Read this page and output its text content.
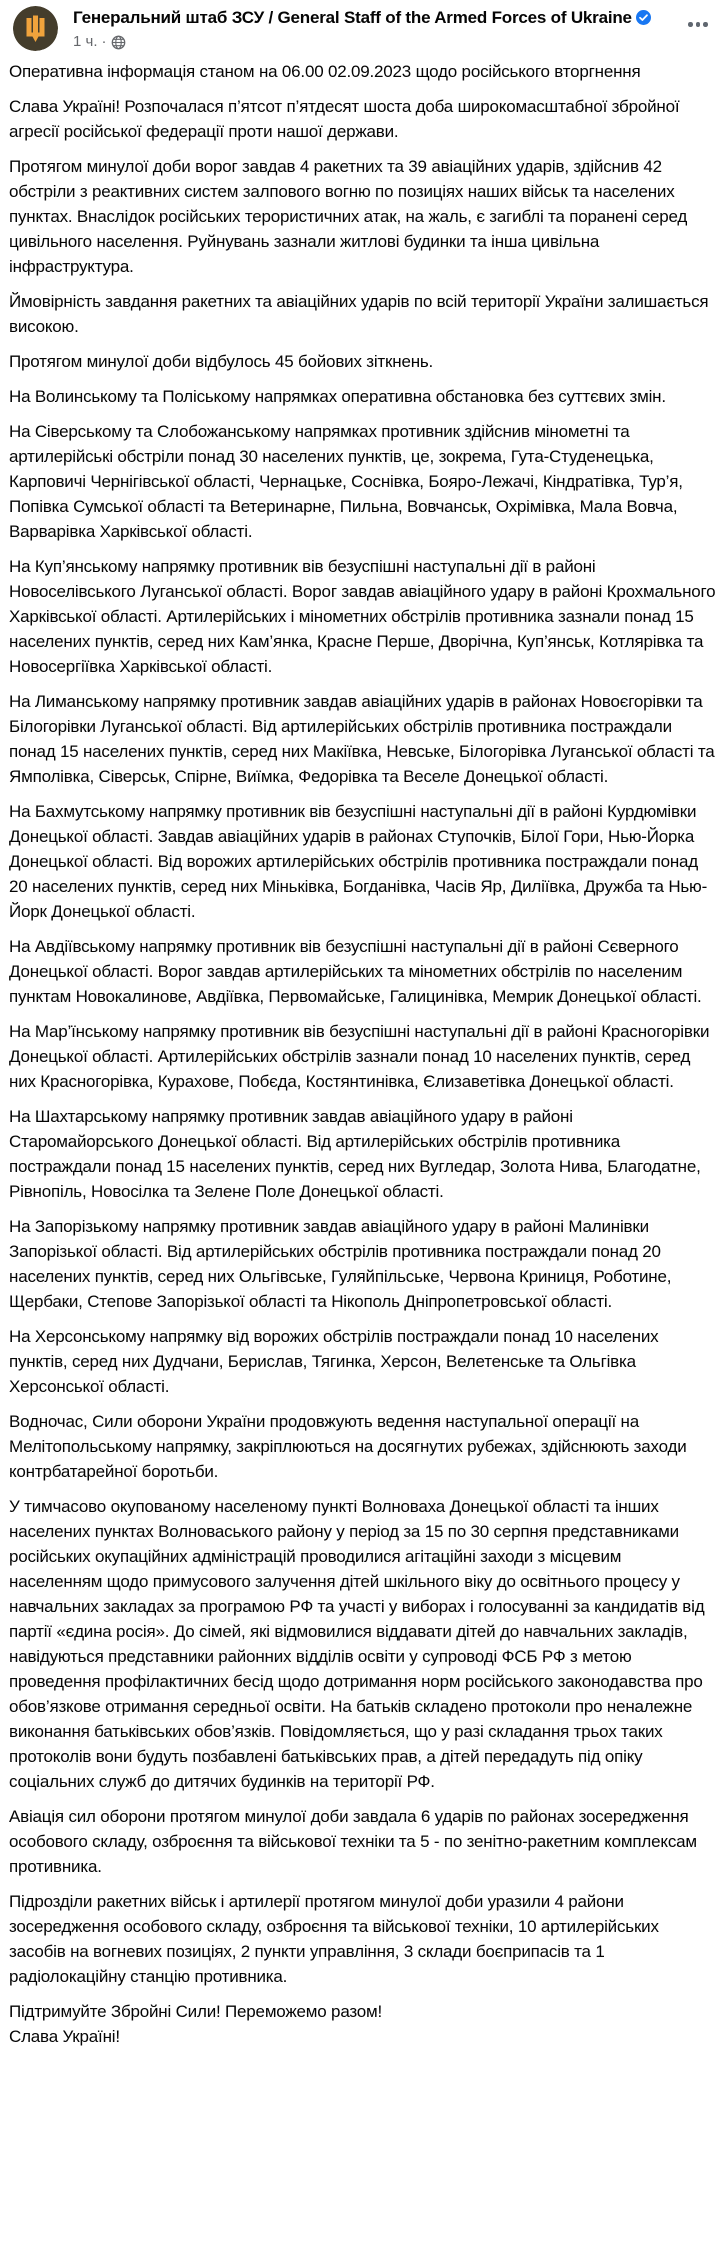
Генеральний штаб ЗСУ / General Staff of the Armed Forces of Ukraine
1 ч. ·

Оперативна інформація станом на 06.00 02.09.2023 щодо російського вторгнення

Слава Україні! Розпочалася п’ятсот п’ятдесят шоста доба широкомасштабної збройної агресії російської федерації проти нашої держави.

Протягом минулої доби ворог завдав 4 ракетних та 39 авіаційних ударів, здійснив 42 обстріли з реактивних систем залпового вогню по позиціях наших військ та населених пунктах. Внаслідок російських терористичних атак, на жаль, є загиблі та поранені серед цивільного населення. Руйнувань зазнали житлові будинки та інша цивільна інфраструктура.

Ймовірність завдання ракетних та авіаційних ударів по всій території України залишається високою.

Протягом минулої доби відбулось 45 бойових зіткнень.

На Волинському та Поліському напрямках оперативна обстановка без суттєвих змін.

На Сіверському та Слобожанському напрямках противник здійснив мінометні та артилерійські обстріли понад 30 населених пунктів, це, зокрема, Гута-Студенецька, Карповичі Чернігівської області, Чернацьке, Соснівка, Бояро-Лежачі, Кіндратівка, Тур’я, Попівка Сумської області та Ветеринарне, Пильна, Вовчанськ, Охрімівка, Мала Вовча, Варварівка Харківської області.

На Куп’янському напрямку противник вів безуспішні наступальні дії в районі Новоселівського Луганської області. Ворог завдав авіаційного удару в районі Крохмального Харківської області. Артилерійських і мінометних обстрілів противника зазнали понад 15 населених пунктів, серед них Кам’янка, Красне Перше, Дворічна, Куп’янськ, Котлярівка та Новосергіївка Харківської області.

На Лиманському напрямку противник завдав авіаційних ударів в районах Новоєгорівки та Білогорівки Луганської області. Від артилерійських обстрілів противника постраждали понад 15 населених пунктів, серед них Макіївка, Невське, Білогорівка Луганської області та Ямполівка, Сіверськ, Спірне, Виїмка, Федорівка та Веселе Донецької області.

На Бахмутському напрямку противник вів безуспішні наступальні дії в районі Курдюмівки Донецької області. Завдав авіаційних ударів в районах Ступочків, Білої Гори, Нью-Йорка Донецької області. Від ворожих артилерійських обстрілів противника постраждали понад 20 населених пунктів, серед них Міньківка, Богданівка, Часів Яр, Диліївка, Дружба та Нью-Йорк Донецької області.

На Авдіївському напрямку противник вів безуспішні наступальні дії в районі Сєверного Донецької області. Ворог завдав артилерійських та мінометних обстрілів по населеним пунктам Новокалинове, Авдіївка, Первомайське, Галицинівка, Мемрик Донецької області.

На Мар’їнському напрямку противник вів безуспішні наступальні дії в районі Красногорівки Донецької області. Артилерійських обстрілів зазнали понад 10 населених пунктів, серед них Красногорівка, Курахове, Побєда, Костянтинівка, Єлизаветівка Донецької області.

На Шахтарському напрямку противник завдав авіаційного удару в районі Старомайорського Донецької області. Від артилерійських обстрілів противника постраждали понад 15 населених пунктів, серед них Вугледар, Золота Нива, Благодатне, Рівнопіль, Новосілка та Зелене Поле Донецької області.

На Запорізькому напрямку противник завдав авіаційного удару в районі Малинівки Запорізької області. Від артилерійських обстрілів противника постраждали понад 20 населених пунктів, серед них Ольгівське, Гуляйпільське, Червона Криниця, Роботине, Щербаки, Степове Запорізької області та Нікополь Дніпропетровської області.

На Херсонському напрямку від ворожих обстрілів постраждали понад 10 населених пунктів, серед них Дудчани, Берислав, Тягинка, Херсон, Велетенське та Ольгівка Херсонської області.

Водночас, Сили оборони України продовжують ведення наступальної операції на Мелітопольському напрямку, закріплюються на досягнутих рубежах, здійснюють заходи контрбатарейної боротьби.

У тимчасово окупованому населеному пункті Волноваха Донецької області та інших населених пунктах Волноваського району у період за 15 по 30 серпня представниками російських окупаційних адміністрацій проводилися агітаційні заходи з місцевим населенням щодо примусового залучення дітей шкільного віку до освітнього процесу у навчальних закладах за програмою РФ та участі у виборах і голосуванні за кандидатів від партії «єдина росія». До сімей, які відмовилися віддавати дітей до навчальних закладів, навідуються представники районних відділів освіти у супроводі ФСБ РФ з метою проведення профілактичних бесід щодо дотримання норм російського законодавства про обов’язкове отримання середньої освіти. На батьків складено протоколи про неналежне виконання батьківських обов’язків. Повідомляється, що у разі складання трьох таких протоколів вони будуть позбавлені батьківських прав, а дітей передадуть під опіку соціальних служб до дитячих будинків на території РФ.

Авіація сил оборони протягом минулої доби завдала 6 ударів по районах зосередження особового складу, озброєння та військової техніки та 5 - по зенітно-ракетним комплексам противника.

Підрозділи ракетних військ і артилерії протягом минулої доби уразили 4 райони зосередження особового складу, озброєння та військової техніки, 10 артилерійських засобів на вогневих позиціях, 2 пункти управління, 3 склади боєприпасів та 1 радіолокаційну станцію противника.

Підтримуйте Збройні Сили! Переможемо разом!
Слава Україні!
